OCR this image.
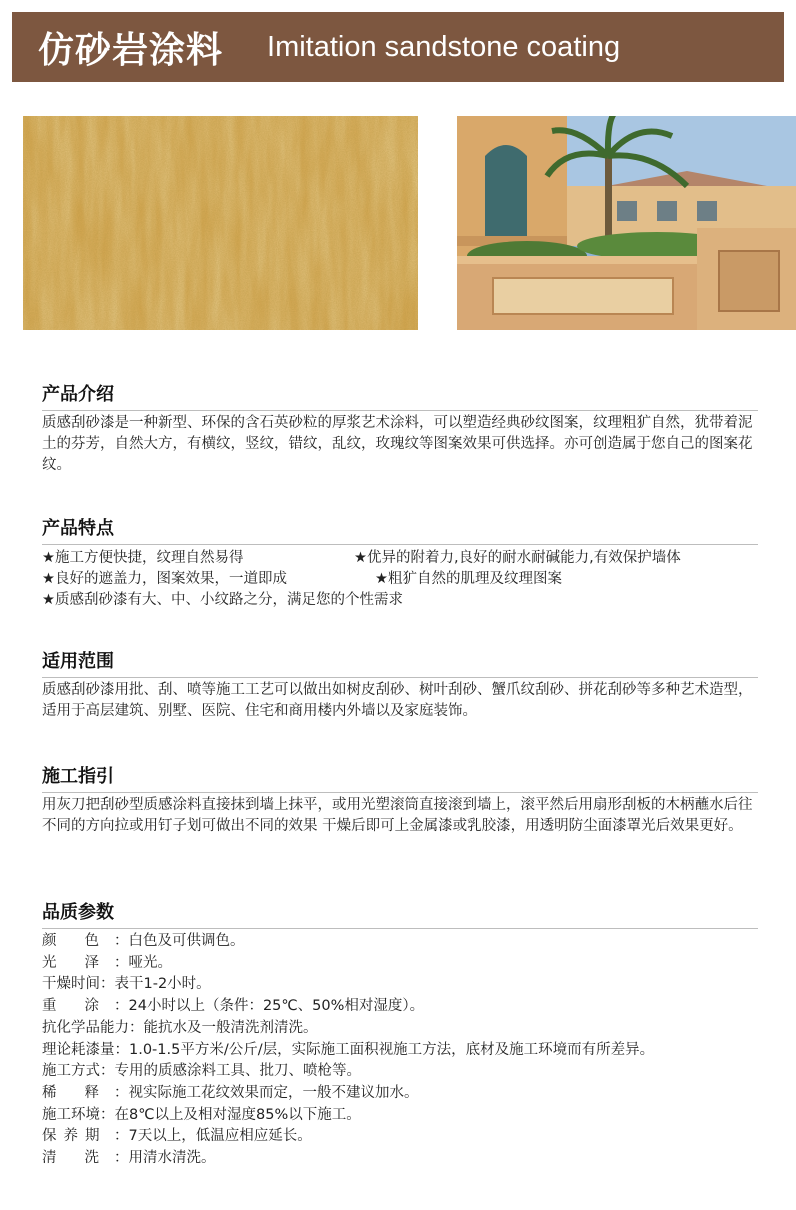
仿砂岩涂料 Imitation sandstone coating
产品介绍
质感刮砂漆是一种新型、环保的含石英砂粒的厚浆艺术涂料，可以塑造经典砂纹图案，纹理粗犷自然，犹带着泥土的芬芳，自然大方，有横纹，竖纹，错纹，乱纹，玫瑰纹等图案效果可供选择。亦可创造属于您自己的图案花纹。
产品特点
★施工方便快捷，纹理自然易得	★优异的附着力,良好的耐水耐碱能力,有效保护墙体
★良好的遮盖力，图案效果，一道即成	★粗犷自然的肌理及纹理图案
★质感刮砂漆有大、中、小纹路之分，满足您的个性需求
适用范围
质感刮砂漆用批、刮、喷等施工工艺可以做出如树皮刮砂、树叶刮砂、蟹爪纹刮砂、拼花刮砂等多种艺术造型，适用于高层建筑、别墅、医院、住宅和商用楼内外墙以及家庭装饰。
施工指引
用灰刀把刮砂型质感涂料直接抹到墙上抹平，或用光塑滚筒直接滚到墙上，滚平然后用扇形刮板的木柄蘸水后往不同的方向拉或用钉子划可做出不同的效果 干燥后即可上金属漆或乳胶漆，用透明防尘面漆罩光后效果更好。
品质参数
颜色
：白色及可供调色。
光泽
：哑光。
干燥时间 ：表干1-2小时。
重涂
：24小时以上（条件：25℃、50%相对湿度）。
抗化学品能力 ：能抗水及一般清洗剂清洗。
理论耗漆量 ：1.0-1.5平方米/公斤/层，实际施工面积视施工方法，底材及施工环境而有所差异。
施工方式 ：专用的质感涂料工具、批刀、喷枪等。
稀释
：视实际施工花纹效果而定，一般不建议加水。
施工环境 ：在8℃以上及相对湿度85%以下施工。
保养期 ：7天以上，低温应相应延长。
清洗
：用清水清洗。
